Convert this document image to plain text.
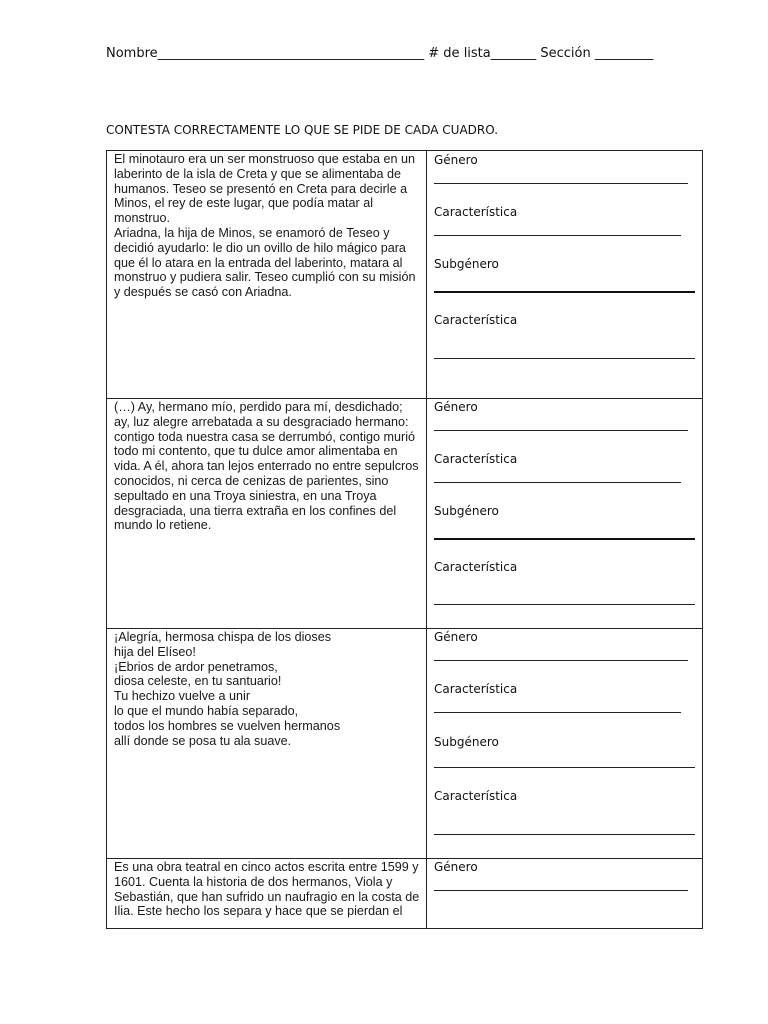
Nombre_________________________________________ # de lista_______ Sección _________
CONTESTA CORRECTAMENTE LO QUE SE PIDE DE CADA CUADRO.

El minotauro era un ser monstruoso que estaba en un
laberinto de la isla de Creta y que se alimentaba de
humanos. Teseo se presentó en Creta para decirle a
Minos, el rey de este lugar, que podía matar al
monstruo.
Ariadna, la hija de Minos, se enamoró de Teseo y
decidió ayudarlo: le dio un ovillo de hilo mágico para
que él lo atara en la entrada del laberinto, matara al
monstruo y pudiera salir. Teseo cumplió con su misión
y después se casó con Ariadna.

Género
Característica
Subgénero
Característica

(…) Ay, hermano mío, perdido para mí, desdichado;
ay, luz alegre arrebatada a su desgraciado hermano:
contigo toda nuestra casa se derrumbó, contigo murió
todo mi contento, que tu dulce amor alimentaba en
vida. A él, ahora tan lejos enterrado no entre sepulcros
conocidos, ni cerca de cenizas de parientes, sino
sepultado en una Troya siniestra, en una Troya
desgraciada, una tierra extraña en los confines del
mundo lo retiene.

Género
Característica
Subgénero
Característica

¡Alegría, hermosa chispa de los dioses
hija del Elíseo!
¡Ebrios de ardor penetramos,
diosa celeste, en tu santuario!
Tu hechizo vuelve a unir
lo que el mundo había separado,
todos los hombres se vuelven hermanos
allí donde se posa tu ala suave.

Género
Característica
Subgénero
Característica

Es una obra teatral en cinco actos escrita entre 1599 y
1601. Cuenta la historia de dos hermanos, Viola y
Sebastián, que han sufrido un naufragio en la costa de
Ilia. Este hecho los separa y hace que se pierdan el

Género
